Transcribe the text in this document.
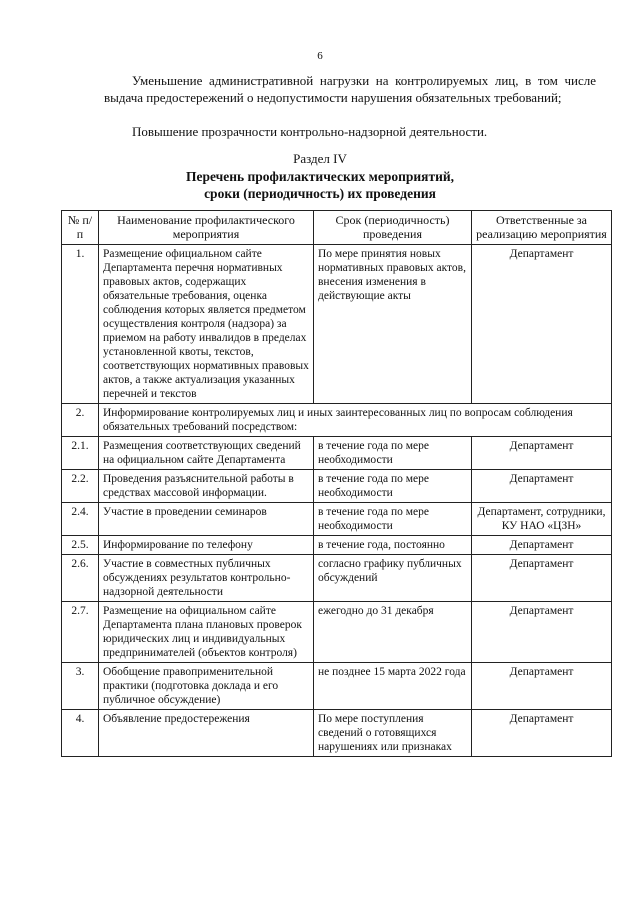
6
Уменьшение административной нагрузки на контролируемых лиц, в том числе выдача предостережений о недопустимости нарушения обязательных требований;
Повышение прозрачности контрольно-надзорной деятельности.
Раздел IV
Перечень профилактических мероприятий,
сроки (периодичность) их проведения
№ п/п	Наименование профилактического мероприятия	Срок (периодичность) проведения	Ответственные за реализацию мероприятия
1.	Размещение официальном сайте Департамента перечня нормативных правовых актов, содержащих обязательные требования, оценка соблюдения которых является предметом осуществления контроля (надзора) за приемом на работу инвалидов в пределах установленной квоты, текстов, соответствующих нормативных правовых актов, а также актуализация указанных перечней и текстов	По мере принятия новых нормативных правовых актов, внесения изменения в действующие акты	Департамент
2.	Информирование контролируемых лиц и иных заинтересованных лиц по вопросам соблюдения обязательных требований посредством:		
2.1.	Размещения соответствующих сведений на официальном сайте Департамента	в течение года по мере необходимости	Департамент
2.2.	Проведения разъяснительной работы в средствах массовой информации.	в течение года по мере необходимости	Департамент
2.4.	Участие в проведении семинаров	в течение года по мере необходимости	Департамент, сотрудники, КУ НАО «ЦЗН»
2.5.	Информирование по телефону	в течение года, постоянно	Департамент
2.6.	Участие в совместных публичных обсуждениях результатов контрольно-надзорной деятельности	согласно графику публичных обсуждений	Департамент
2.7.	Размещение на официальном сайте Департамента плана плановых проверок юридических лиц и индивидуальных предпринимателей (объектов контроля)	ежегодно до 31 декабря	Департамент
3.	Обобщение правоприменительной практики (подготовка доклада и его публичное обсуждение)	не позднее 15 марта 2022 года	Департамент
4.	Объявление предостережения	По мере поступления сведений о готовящихся нарушениях или признаках	Департамент
